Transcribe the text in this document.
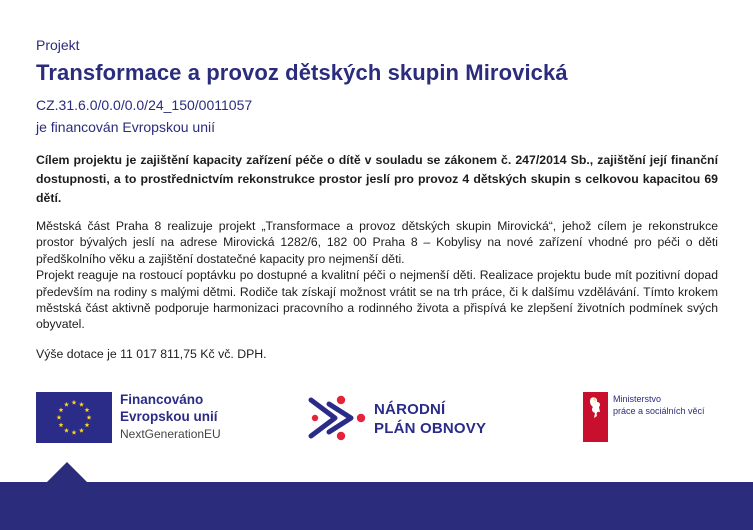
Projekt
Transformace a provoz dětských skupin Mirovická
CZ.31.6.0/0.0/0.0/24_150/0011057
je financován Evropskou unií
Cílem projektu je zajištění kapacity zařízení péče o dítě v souladu se zákonem č. 247/2014 Sb., zajištění její finanční dostupnosti, a to prostřednictvím rekonstrukce prostor jeslí pro provoz 4 dětských skupin s celkovou kapacitou 69 dětí.

Městská část Praha 8 realizuje projekt „Transformace a provoz dětských skupin Mirovická“, jehož cílem je rekonstrukce prostor bývalých jeslí na adrese Mirovická 1282/6, 182 00 Praha 8 – Kobylisy na nové zařízení vhodné pro péči o děti předškolního věku a zajištění dostatečné kapacity pro nejmenší děti.

Projekt reaguje na rostoucí poptávku po dostupné a kvalitní péči o nejmenší děti. Realizace projektu bude mít pozitivní dopad především na rodiny s malými dětmi. Rodiče tak získají možnost vrátit se na trh práce, či k dalšímu vzdělávání. Tímto krokem městská část aktivně podporuje harmonizaci pracovního a rodinného života a přispívá ke zlepšení životních podmínek svých obyvatel.

Výše dotace je 11 017 811,75 Kč vč. DPH.
Financováno
Evropskou unií
NextGenerationEU
NÁRODNÍ
PLÁN OBNOVY
Ministerstvo
práce a sociálních věcí
